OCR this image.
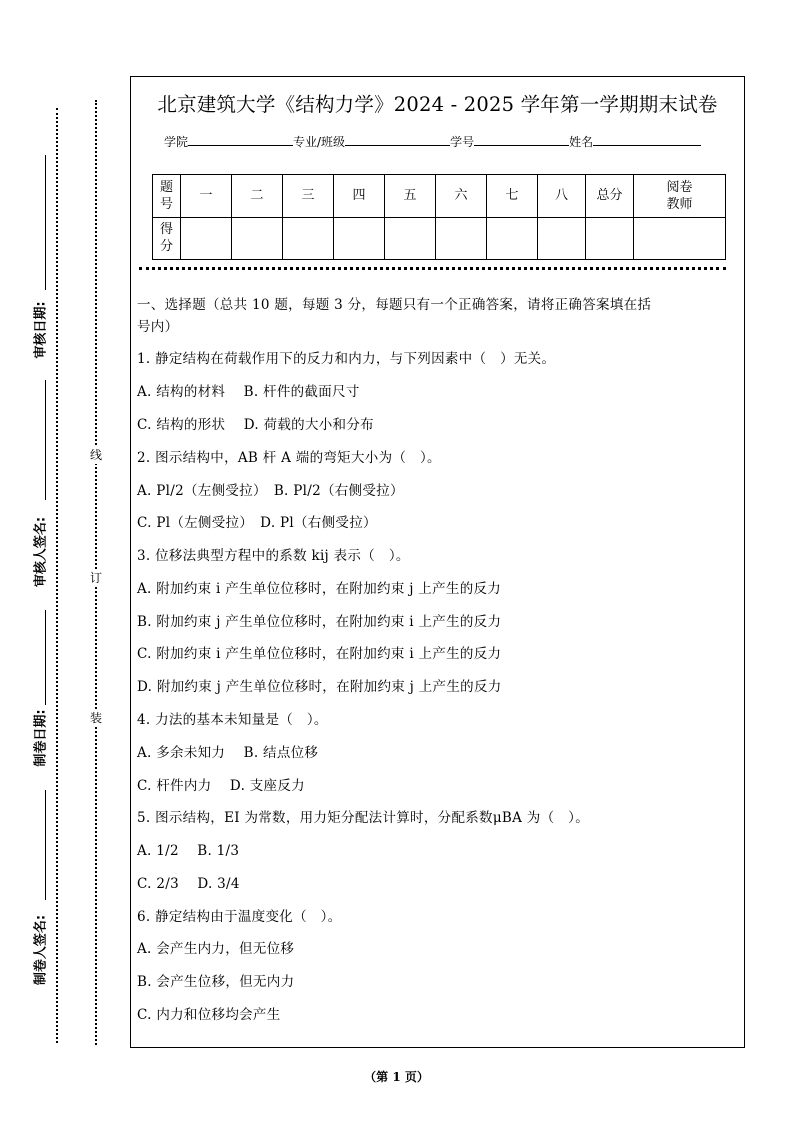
审核日期:
审核人签名:
制卷日期:
制卷人签名:
线
订
装
北京建筑大学《结构力学》2024 - 2025 学年第一学期期末试卷
学院	专业/班级	学号	姓名
题号	一	二	三	四	五	六	七	八	总分	阅卷教师
得分										
一、选择题（总共 10 题，每题 3 分，每题只有一个正确答案，请将正确答案填在括
号内）
1. 静定结构在荷载作用下的反力和内力，与下列因素中（　）无关。
A. 结构的材料　 B. 杆件的截面尺寸
C. 结构的形状　 D. 荷载的大小和分布
2. 图示结构中，AB 杆 A 端的弯矩大小为（　）。
A. Pl/2（左侧受拉）　B. Pl/2（右侧受拉）
C. Pl（左侧受拉）　D. Pl（右侧受拉）
3. 位移法典型方程中的系数 kij 表示（　）。
A. 附加约束 i 产生单位位移时，在附加约束 j 上产生的反力
B. 附加约束 j 产生单位位移时，在附加约束 i 上产生的反力
C. 附加约束 i 产生单位位移时，在附加约束 i 上产生的反力
D. 附加约束 j 产生单位位移时，在附加约束 j 上产生的反力
4. 力法的基本未知量是（　）。
A. 多余未知力　 B. 结点位移
C. 杆件内力　 D. 支座反力
5. 图示结构，EI 为常数，用力矩分配法计算时，分配系数μBA 为（　）。
A. 1/2　 B. 1/3
C. 2/3　 D. 3/4
6. 静定结构由于温度变化（　）。
A. 会产生内力，但无位移
B. 会产生位移，但无内力
C. 内力和位移均会产生
（第 1 页）
